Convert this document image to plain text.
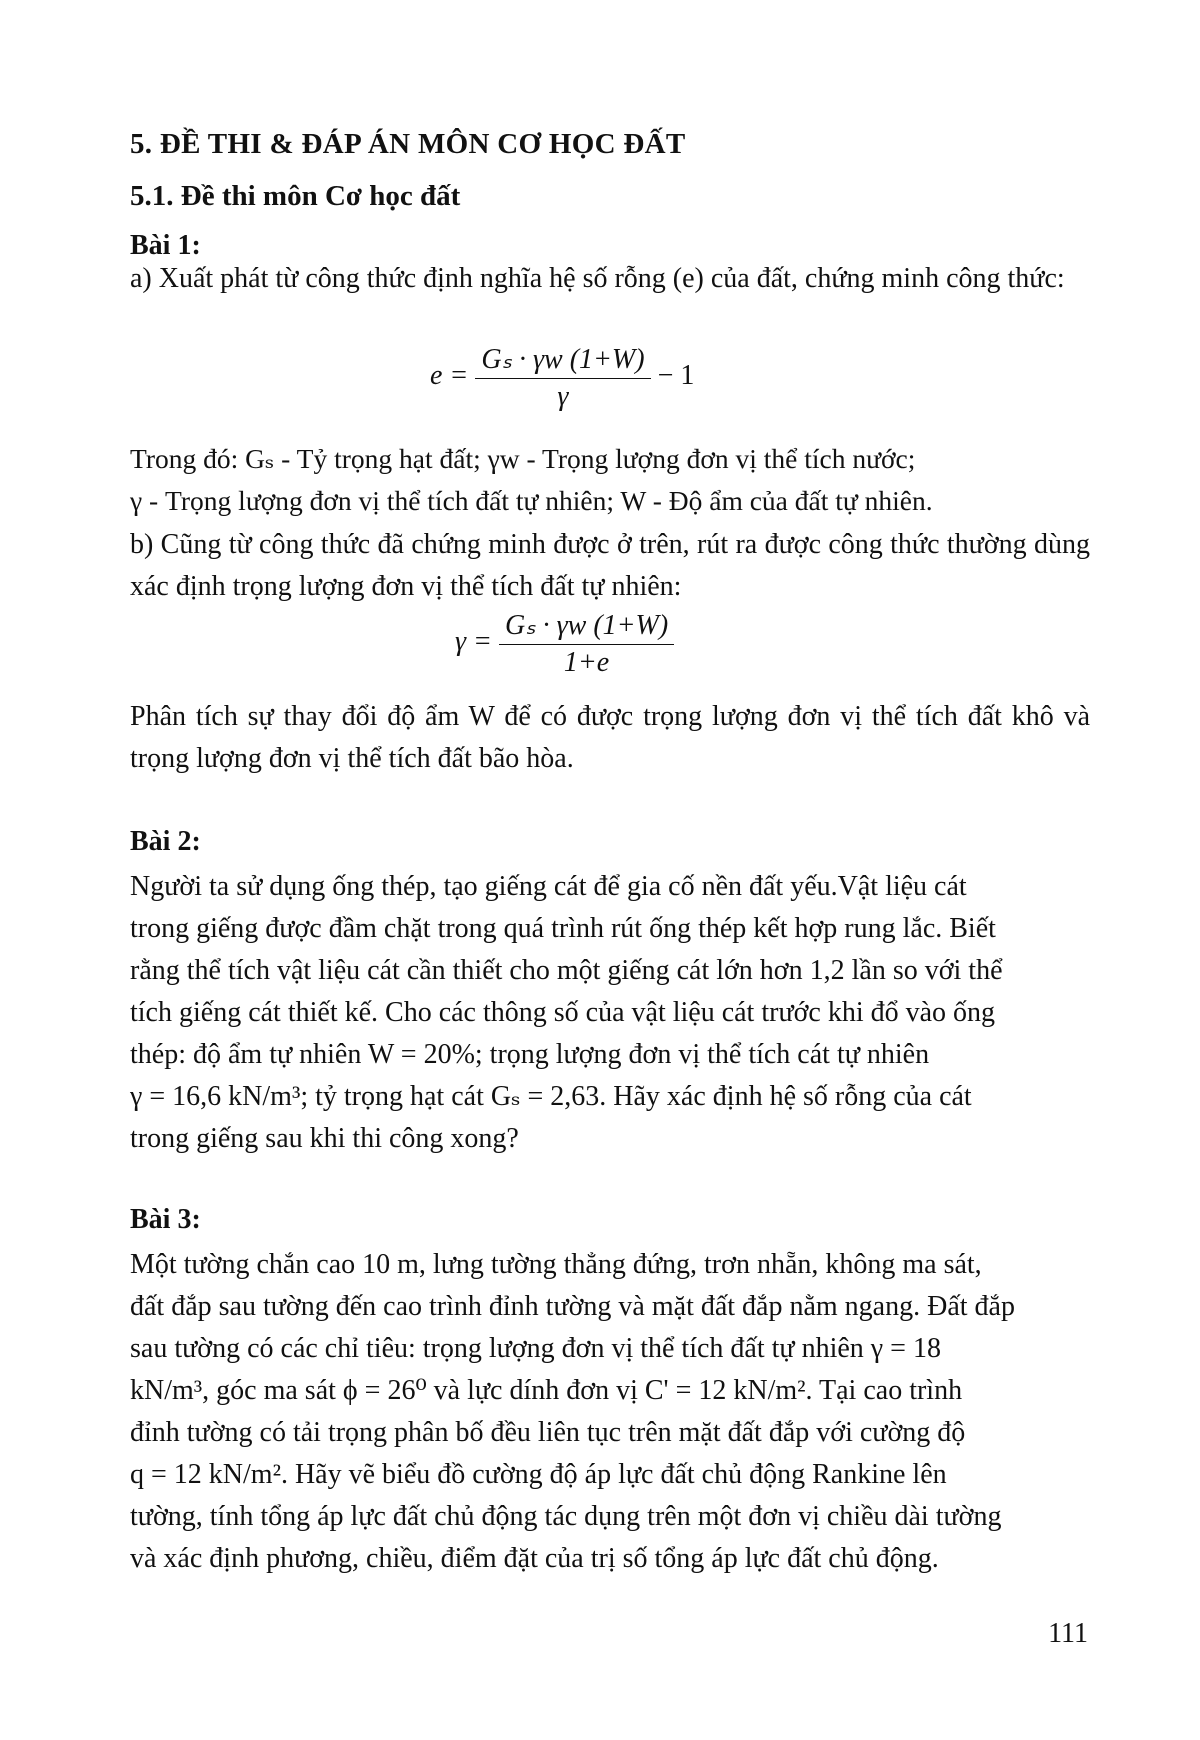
5. ĐỀ THI & ĐÁP ÁN MÔN CƠ HỌC ĐẤT
5.1. Đề thi môn Cơ học đất
Bài 1:

a) Xuất phát từ công thức định nghĩa hệ số rỗng (e) của đất, chứng minh công thức:

$e = \frac{\text{Gₛ · γw (1+W)}}{\gamma} - 1$

Trong đó: Gₛ - Tỷ trọng hạt đất; γw - Trọng lượng đơn vị thể tích nước;
γ - Trọng lượng đơn vị thể tích đất tự nhiên; W - Độ ẩm của đất tự nhiên.

b) Cũng từ công thức đã chứng minh được ở trên, rút ra được công thức thường dùng xác định trọng lượng đơn vị thể tích đất tự nhiên:

$\gamma = \frac{\text{Gₛ · γw (1+W)}}{1+e}$

Phân tích sự thay đổi độ ẩm W để có được trọng lượng đơn vị thể tích đất khô và trọng lượng đơn vị thể tích đất bão hòa.

Bài 2:

Người ta sử dụng ống thép, tạo giếng cát để gia cố nền đất yếu.Vật liệu cát
trong giếng được đầm chặt trong quá trình rút ống thép kết hợp rung lắc. Biết
rằng thể tích vật liệu cát cần thiết cho một giếng cát lớn hơn 1,2 lần so với thể
tích giếng cát thiết kế. Cho các thông số của vật liệu cát trước khi đổ vào ống
thép: độ ẩm tự nhiên W = 20%; trọng lượng đơn vị thể tích cát tự nhiên
γ = 16,6 kN/m³; tỷ trọng hạt cát Gₛ = 2,63. Hãy xác định hệ số rỗng của cát
trong giếng sau khi thi công xong?

Bài 3:

Một tường chắn cao 10 m, lưng tường thẳng đứng, trơn nhẵn, không ma sát,
đất đắp sau tường đến cao trình đỉnh tường và mặt đất đắp nằm ngang. Đất đắp
sau tường có các chỉ tiêu: trọng lượng đơn vị thể tích đất tự nhiên γ = 18
kN/m³, góc ma sát ϕ = 26⁰ và lực dính đơn vị C' = 12 kN/m². Tại cao trình
đỉnh tường có tải trọng phân bố đều liên tục trên mặt đất đắp với cường độ
q = 12 kN/m². Hãy vẽ biểu đồ cường độ áp lực đất chủ động Rankine lên
tường, tính tổng áp lực đất chủ động tác dụng trên một đơn vị chiều dài tường
và xác định phương, chiều, điểm đặt của trị số tổng áp lực đất chủ động.

111
